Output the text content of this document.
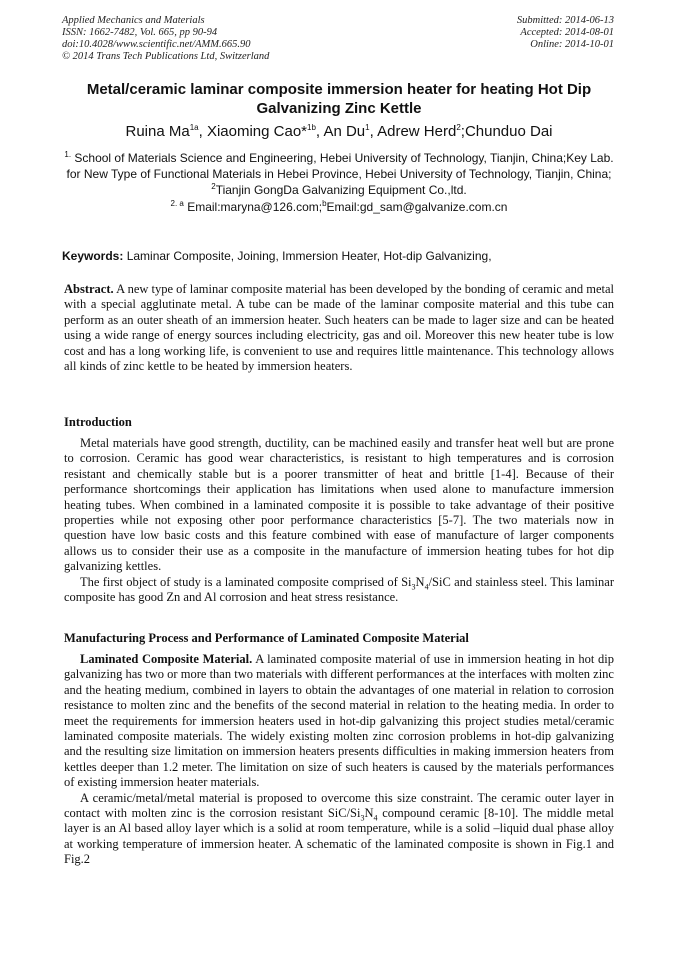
Applied Mechanics and Materials
ISSN: 1662-7482, Vol. 665, pp 90-94
doi:10.4028/www.scientific.net/AMM.665.90
© 2014 Trans Tech Publications Ltd, Switzerland
Submitted: 2014-06-13
Accepted: 2014-08-01
Online: 2014-10-01
Metal/ceramic laminar composite immersion heater for heating Hot Dip Galvanizing Zinc Kettle
Ruina $Ma^{1a}$, Xiaoming Cao*$^{1b}$, An Du$^1$, Adrew Herd$^2$;Chunduo Dai
$^{1.}$ School of Materials Science and Engineering, Hebei University of Technology, Tianjin, China;Key Lab. for New Type of Functional Materials in Hebei Province, Hebei University of Technology, Tianjin, China; $^2$Tianjin GongDa Galvanizing Equipment Co.,ltd.
$^{2. a}$ Email:maryna@126.com;$^b$Email:gd_sam@galvanize.com.cn
Keywords: Laminar Composite, Joining, Immersion Heater, Hot-dip Galvanizing,

Abstract. A new type of laminar composite material has been developed by the bonding of ceramic and metal with a special agglutinate metal. A tube can be made of the laminar composite material and this tube can perform as an outer sheath of an immersion heater. Such heaters can be made to lager size and can be heated using a wide range of energy sources including electricity, gas and oil. Moreover this new heater tube is low cost and has a long working life, is convenient to use and requires little maintenance. This technology allows all kinds of zinc kettle to be heated by immersion heaters.

Introduction

Metal materials have good strength, ductility, can be machined easily and transfer heat well but are prone to corrosion. Ceramic has good wear characteristics, is resistant to high temperatures and is corrosion resistant and chemically stable but is a poorer transmitter of heat and brittle [1-4]. Because of their performance shortcomings their application has limitations when used alone to manufacture immersion heating tubes. When combined in a laminated composite it is possible to take advantage of their positive properties while not exposing other poor performance characteristics [5-7]. The two materials now in question have low basic costs and this feature combined with ease of manufacture of larger components allows us to consider their use as a composite in the manufacture of immersion heating tubes for hot dip galvanizing kettles.

The first object of study is a laminated composite comprised of $Si_3N_4$/SiC and stainless steel. This laminar composite has good Zn and Al corrosion and heat stress resistance.

Manufacturing Process and Performance of Laminated Composite Material

Laminated Composite Material. A laminated composite material of use in immersion heating in hot dip galvanizing has two or more than two materials with different performances at the interfaces with molten zinc and the heating medium, combined in layers to obtain the advantages of one material in relation to corrosion resistance to molten zinc and the benefits of the second material in relation to the heating media. In order to meet the requirements for immersion heaters used in hot-dip galvanizing this project studies metal/ceramic laminated composite materials. The widely existing molten zinc corrosion problems in hot-dip galvanizing and the resulting size limitation on immersion heaters presents difficulties in making immersion heaters from kettles deeper than 1.2 meter. The limitation on size of such heaters is caused by the materials performances of existing immersion heater materials.

A ceramic/metal/metal material is proposed to overcome this size constraint. The ceramic outer layer in contact with molten zinc is the corrosion resistant SiC/$Si_3N_4$ compound ceramic [8-10]. The middle metal layer is an Al based alloy layer which is a solid at room temperature, while is a solid –liquid dual phase alloy at working temperature of immersion heater. A schematic of the laminated composite is shown in Fig.1 and Fig.2
